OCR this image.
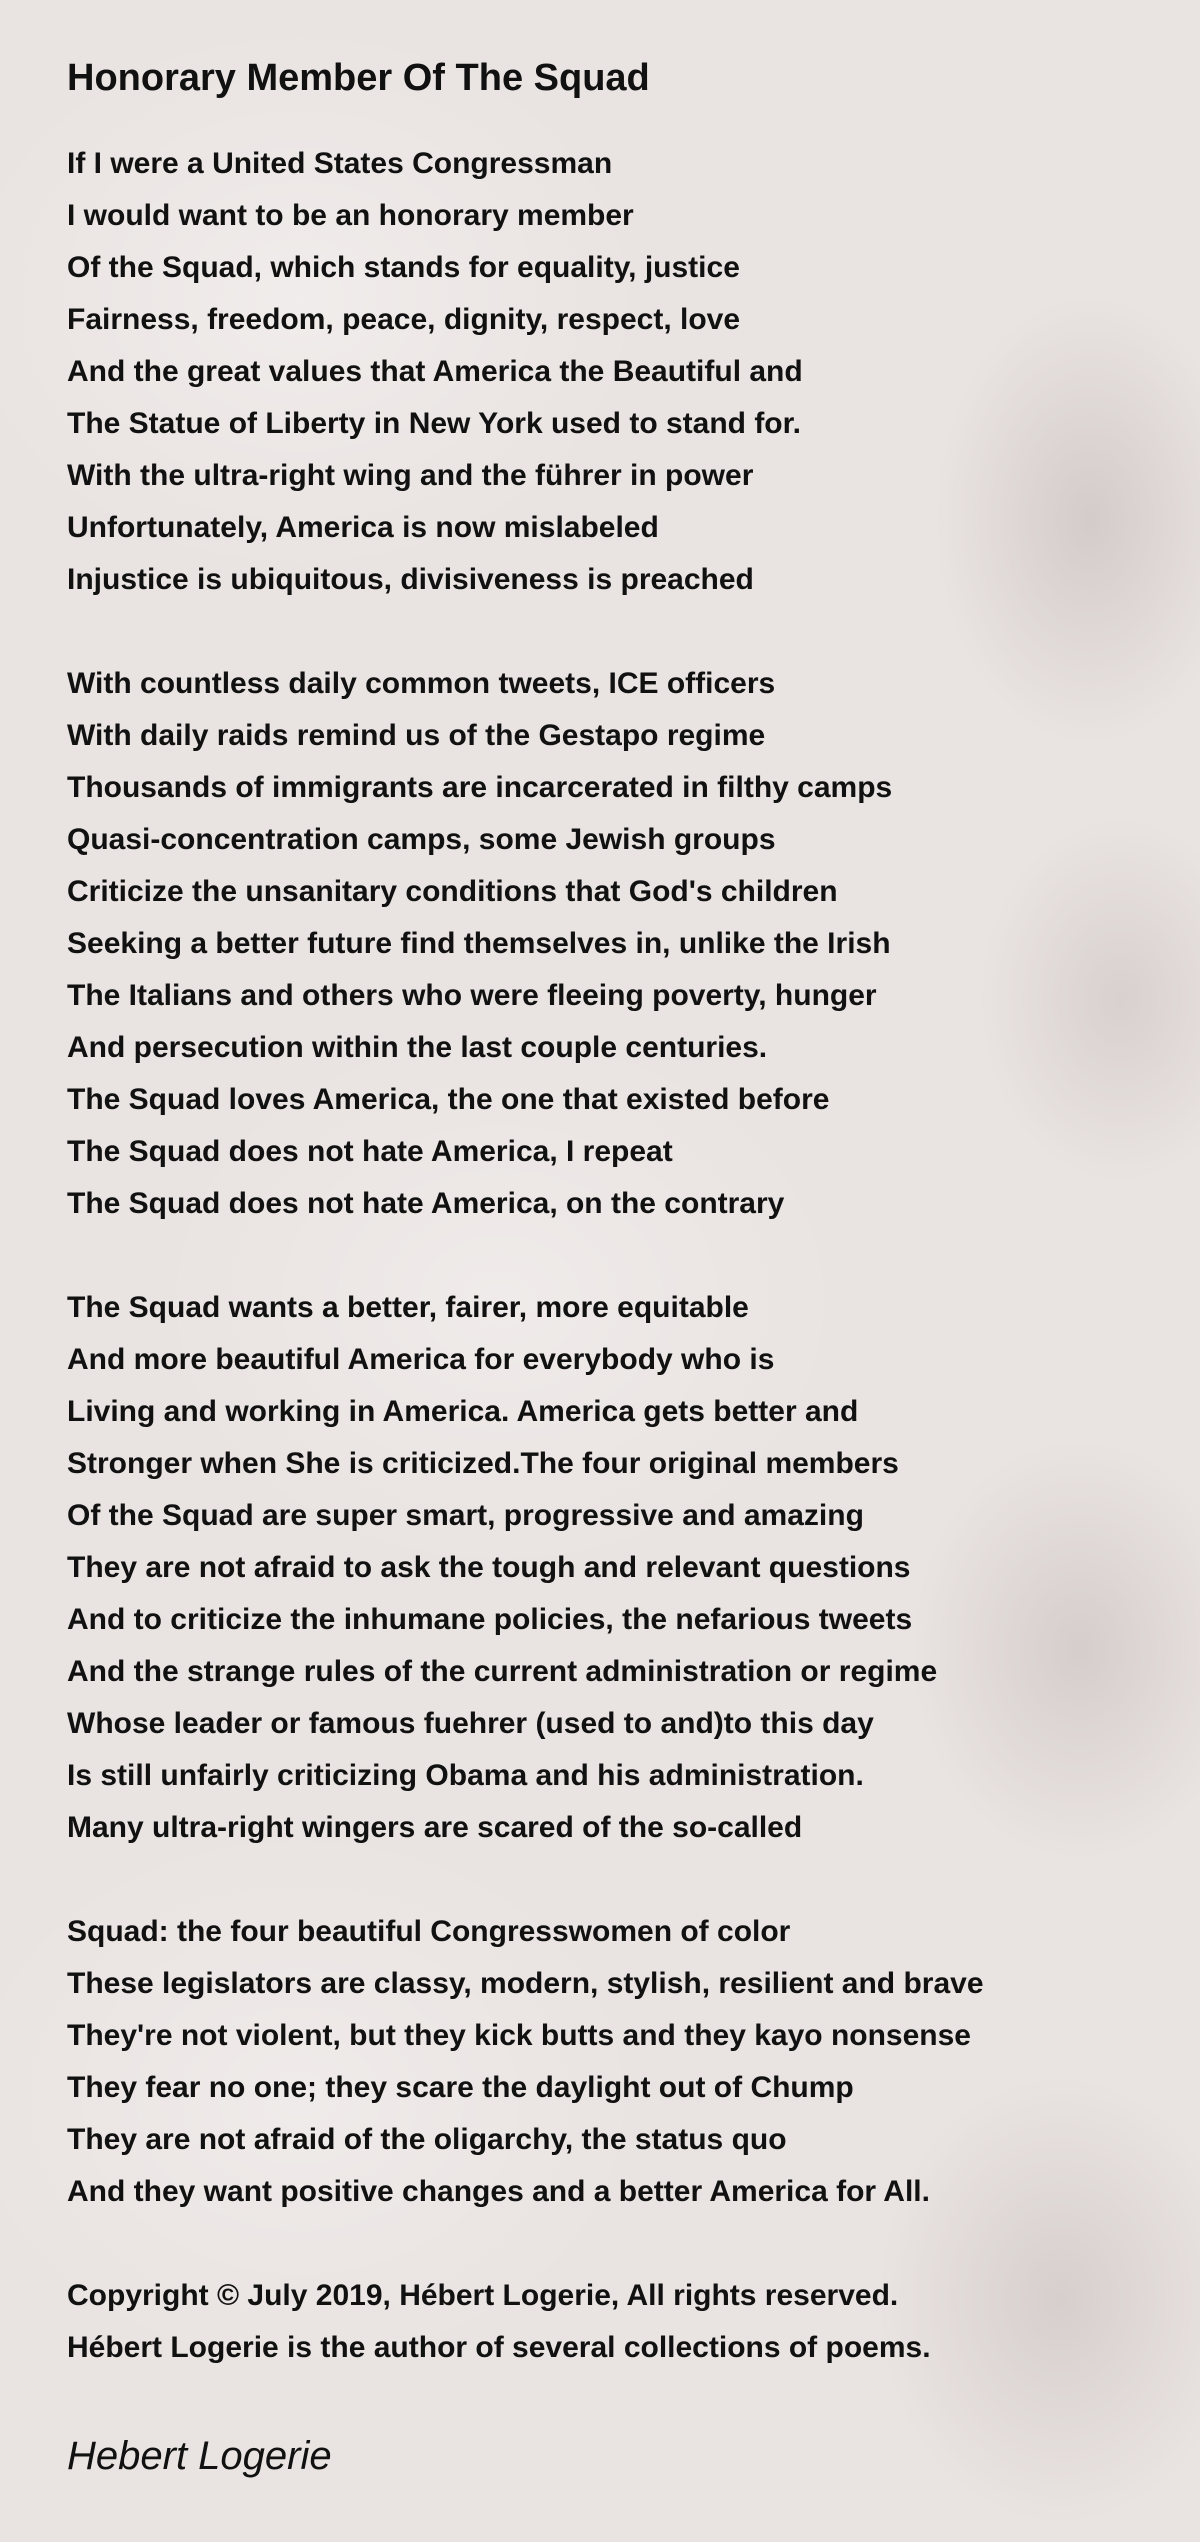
Honorary Member Of The Squad
If I were a United States Congressman
I would want to be an honorary member
Of the Squad, which stands for equality, justice
Fairness, freedom, peace, dignity, respect, love
And the great values that America the Beautiful and
The Statue of Liberty in New York used to stand for.
With the ultra-right wing and the führer in power
Unfortunately, America is now mislabeled
Injustice is ubiquitous, divisiveness is preached
With countless daily common tweets, ICE officers
With daily raids remind us of the Gestapo regime
Thousands of immigrants are incarcerated in filthy camps
Quasi-concentration camps, some Jewish groups
Criticize the unsanitary conditions that God's children
Seeking a better future find themselves in, unlike the Irish
The Italians and others who were fleeing poverty, hunger
And persecution within the last couple centuries.
The Squad loves America, the one that existed before
The Squad does not hate America, I repeat
The Squad does not hate America, on the contrary
The Squad wants a better, fairer, more equitable
And more beautiful America for everybody who is
Living and working in America. America gets better and
Stronger when She is criticized.The four original members
Of the Squad are super smart, progressive and amazing
They are not afraid to ask the tough and relevant questions
And to criticize the inhumane policies, the nefarious tweets
And the strange rules of the current administration or regime
Whose leader or famous fuehrer (used to and)to this day
Is still unfairly criticizing Obama and his administration.
Many ultra-right wingers are scared of the so-called
Squad: the four beautiful Congresswomen of color
These legislators are classy, modern, stylish, resilient and brave
They're not violent, but they kick butts and they kayo nonsense
They fear no one; they scare the daylight out of Chump
They are not afraid of the oligarchy, the status quo
And they want positive changes and a better America for All.
Copyright © July 2019, Hébert Logerie, All rights reserved.
Hébert Logerie is the author of several collections of poems.
Hebert Logerie
